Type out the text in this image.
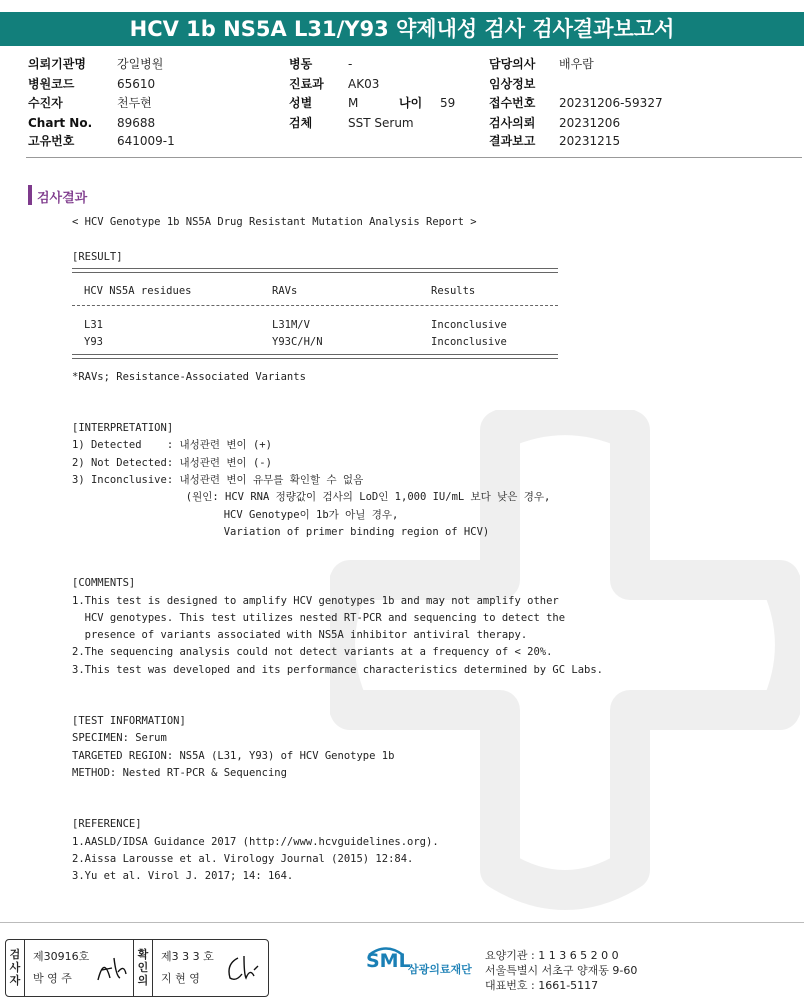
HCV 1b NS5A L31/Y93 약제내성 검사 검사결과보고서
의뢰기관명	강일병원
병원코드	65610
수진자	천두현
Chart No. 89688
고유번호	641009-1
병동	-
진료과 AK03
성별	M	나이 59
검체	SST Serum
담당의사 배우람
임상정보
접수번호 20231206-59327
검사의뢰 20231206
결과보고 20231215
검사결과
< HCV Genotype 1b NS5A Drug Resistant Mutation Analysis Report >
[RESULT]
HCV NS5A residues	RAVs	Results
L31	L31M/V	Inconclusive
Y93	Y93C/H/N	Inconclusive
*RAVs; Resistance-Associated Variants
[INTERPRETATION]
1) Detected    : 내성관련 변이 (+)
2) Not Detected: 내성관련 변이 (-)
3) Inconclusive: 내성관련 변이 유무를 확인할 수 없음
(원인: HCV RNA 정량값이 검사의 LoD인 1,000 IU/mL 보다 낮은 경우,
HCV Genotype이 1b가 아닐 경우,
Variation of primer binding region of HCV)
[COMMENTS]
1.This test is designed to amplify HCV genotypes 1b and may not amplify other
HCV genotypes. This test utilizes nested RT-PCR and sequencing to detect the
presence of variants associated with NS5A inhibitor antiviral therapy.
2.The sequencing analysis could not detect variants at a frequency of < 20%.
3.This test was developed and its performance characteristics determined by GC Labs.
[TEST INFORMATION]
SPECIMEN: Serum
TARGETED REGION: NS5A (L31, Y93) of HCV Genotype 1b
METHOD: Nested RT-PCR & Sequencing
[REFERENCE]
1.AASLD/IDSA Guidance 2017 (http://www.hcvguidelines.org).
2.Aissa Larousse et al. Virology Journal (2015) 12:84.
3.Yu et al. Virol J. 2017; 14: 164.
검
사
자
제30916호
박 영 주
확
인
의
제3 3 3 호
지 현 영
SML
삼광의료재단
요양기관 : 1 1 3 6 5 2 0 0
서울특별시 서초구 양재동 9-60
대표번호 : 1661-5117
